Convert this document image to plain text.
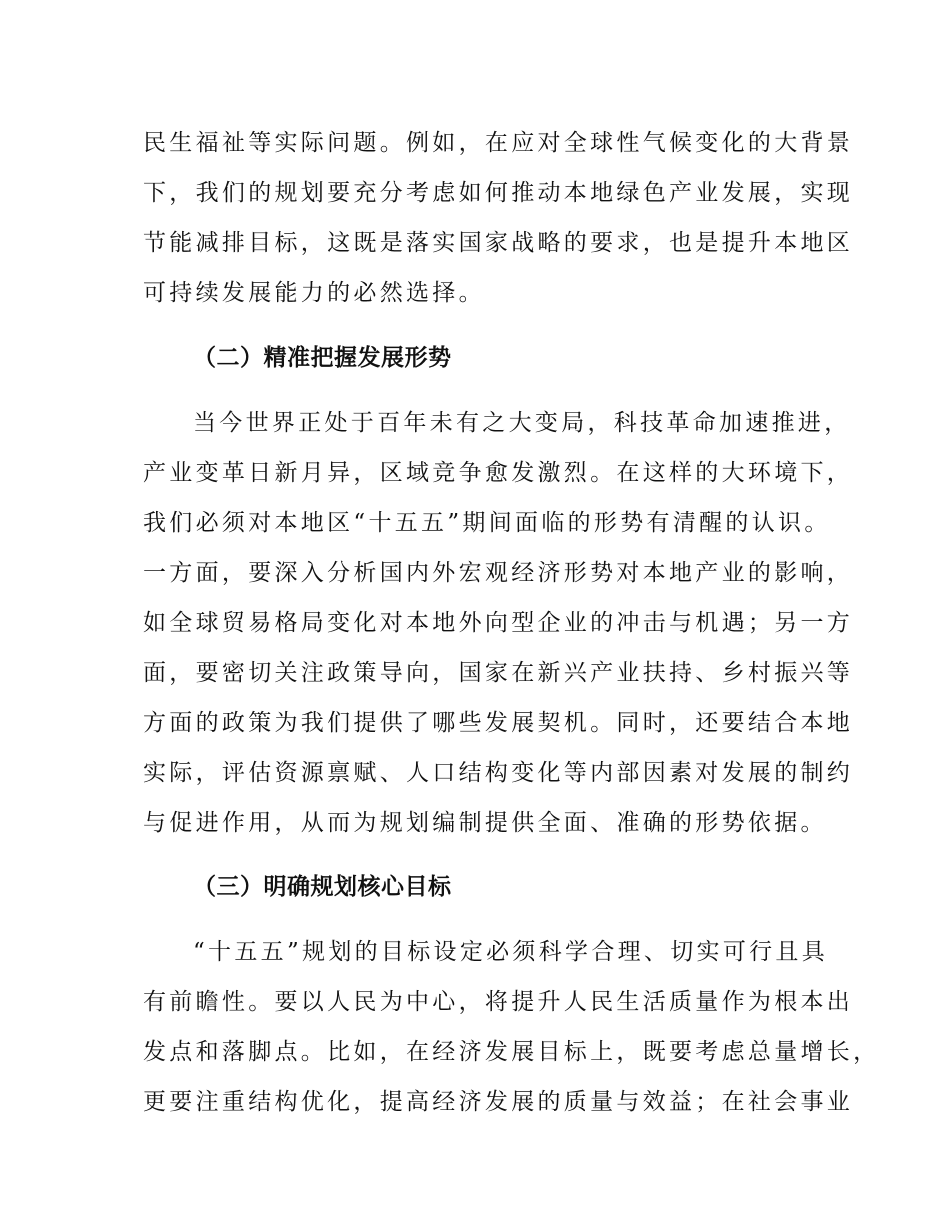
民生福祉等实际问题。例如，在应对全球性气候变化的大背景
下，我们的规划要充分考虑如何推动本地绿色产业发展，实现
节能减排目标，这既是落实国家战略的要求，也是提升本地区
可持续发展能力的必然选择。
（二）精准把握发展形势
当今世界正处于百年未有之大变局，科技革命加速推进，
产业变革日新月异，区域竞争愈发激烈。在这样的大环境下，
我们必须对本地区“十五五”期间面临的形势有清醒的认识。
一方面，要深入分析国内外宏观经济形势对本地产业的影响，
如全球贸易格局变化对本地外向型企业的冲击与机遇；另一方
面，要密切关注政策导向，国家在新兴产业扶持、乡村振兴等
方面的政策为我们提供了哪些发展契机。同时，还要结合本地
实际，评估资源禀赋、人口结构变化等内部因素对发展的制约
与促进作用，从而为规划编制提供全面、准确的形势依据。
（三）明确规划核心目标
“十五五”规划的目标设定必须科学合理、切实可行且具
有前瞻性。要以人民为中心，将提升人民生活质量作为根本出
发点和落脚点。比如，在经济发展目标上，既要考虑总量增长，
更要注重结构优化，提高经济发展的质量与效益；在社会事业
